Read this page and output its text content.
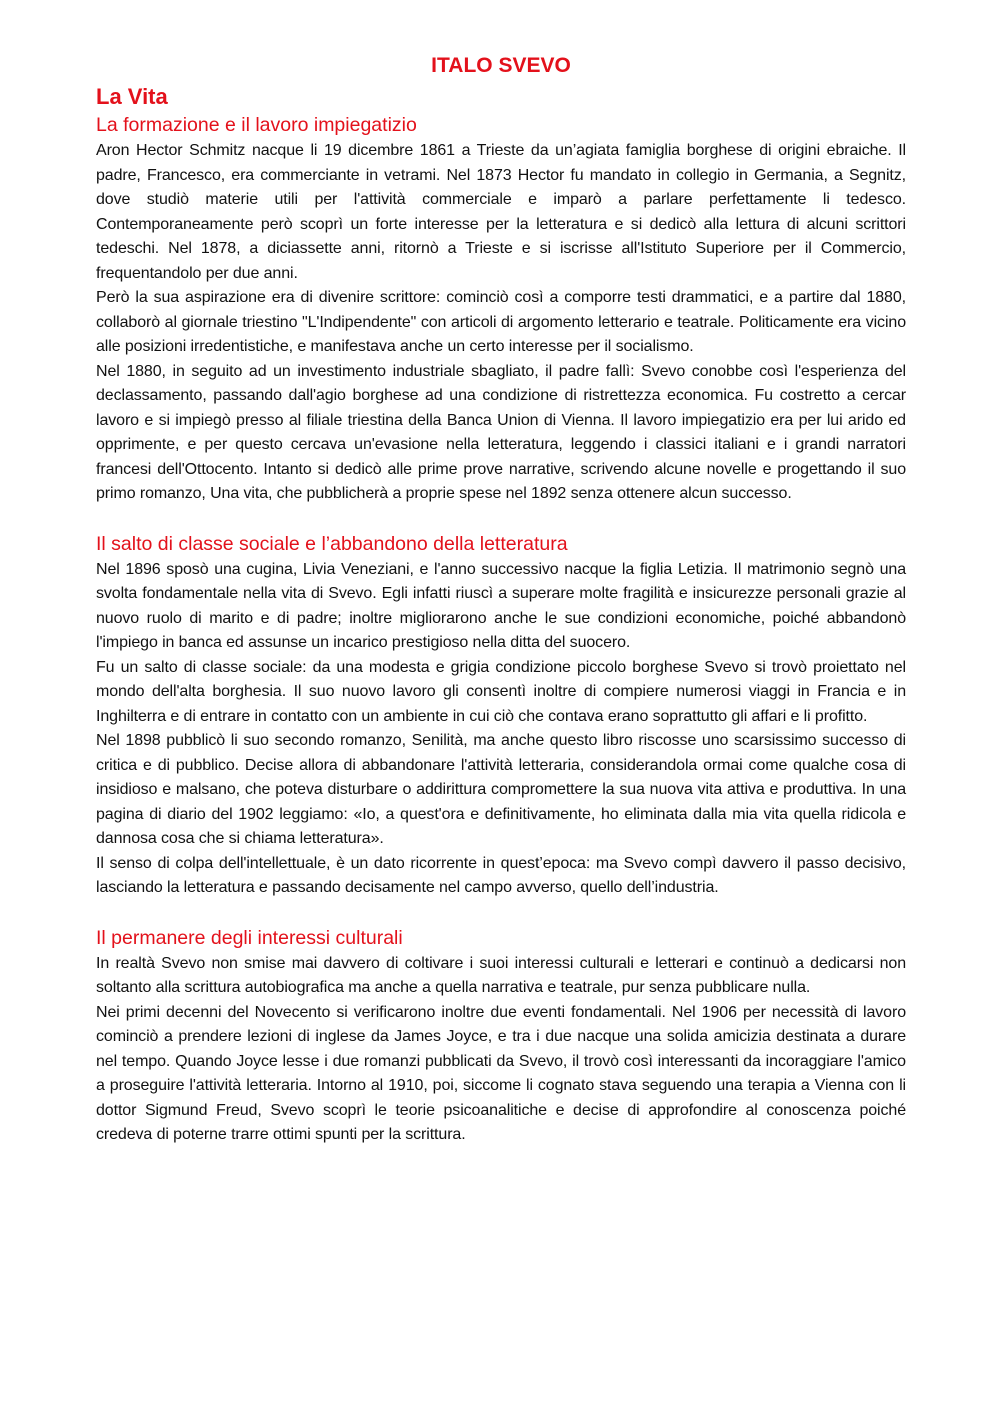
ITALO SVEVO
La Vita
La formazione e il lavoro impiegatizio

Aron Hector Schmitz nacque li 19 dicembre 1861 a Trieste da un’agiata famiglia borghese di origini ebraiche. Il padre, Francesco, era commerciante in vetrami. Nel 1873 Hector fu mandato in collegio in Germania, a Segnitz, dove studiò materie utili per l'attività commerciale e imparò a parlare perfettamente li tedesco. Contemporaneamente però scoprì un forte interesse per la letteratura e si dedicò alla lettura di alcuni scrittori tedeschi. Nel 1878, a diciassette anni, ritornò a Trieste e si iscrisse all'Istituto Superiore per il Commercio, frequentandolo per due anni.

Però la sua aspirazione era di divenire scrittore: cominciò così a comporre testi drammatici, e a partire dal 1880, collaborò al giornale triestino "L'Indipendente" con articoli di argomento letterario e teatrale. Politicamente era vicino alle posizioni irredentistiche, e manifestava anche un certo interesse per il socialismo.

Nel 1880, in seguito ad un investimento industriale sbagliato, il padre fallì: Svevo conobbe così l'esperienza del declassamento, passando dall'agio borghese ad una condizione di ristrettezza economica. Fu costretto a cercar lavoro e si impiegò presso al filiale triestina della Banca Union di Vienna. Il lavoro impiegatizio era per lui arido ed opprimente, e per questo cercava un'evasione nella letteratura, leggendo i classici italiani e i grandi narratori francesi dell'Ottocento. Intanto si dedicò alle prime prove narrative, scrivendo alcune novelle e progettando il suo primo romanzo, Una vita, che pubblicherà a proprie spese nel 1892 senza ottenere alcun successo.

Il salto di classe sociale e l’abbandono della letteratura

Nel 1896 sposò una cugina, Livia Veneziani, e l'anno successivo nacque la figlia Letizia. Il matrimonio segnò una svolta fondamentale nella vita di Svevo. Egli infatti riuscì a superare molte fragilità e insicurezze personali grazie al nuovo ruolo di marito e di padre; inoltre migliorarono anche le sue condizioni economiche, poiché abbandonò l'impiego in banca ed assunse un incarico prestigioso nella ditta del suocero.

Fu un salto di classe sociale: da una modesta e grigia condizione piccolo borghese Svevo si trovò proiettato nel mondo dell'alta borghesia. Il suo nuovo lavoro gli consentì inoltre di compiere numerosi viaggi in Francia e in Inghilterra e di entrare in contatto con un ambiente in cui ciò che contava erano soprattutto gli affari e li profitto.

Nel 1898 pubblicò li suo secondo romanzo, Senilità, ma anche questo libro riscosse uno scarsissimo successo di critica e di pubblico. Decise allora di abbandonare l'attività letteraria, considerandola ormai come qualche cosa di insidioso e malsano, che poteva disturbare o addirittura compromettere la sua nuova vita attiva e produttiva. In una pagina di diario del 1902 leggiamo: «Io, a quest'ora e definitivamente, ho eliminata dalla mia vita quella ridicola e dannosa cosa che si chiama letteratura».

Il senso di colpa dell'intellettuale, è un dato ricorrente in quest’epoca: ma Svevo compì davvero il passo decisivo, lasciando la letteratura e passando decisamente nel campo avverso, quello dell’industria.

Il permanere degli interessi culturali

In realtà Svevo non smise mai davvero di coltivare i suoi interessi culturali e letterari e continuò a dedicarsi non soltanto alla scrittura autobiografica ma anche a quella narrativa e teatrale, pur senza pubblicare nulla.

Nei primi decenni del Novecento si verificarono inoltre due eventi fondamentali. Nel 1906 per necessità di lavoro cominciò a prendere lezioni di inglese da James Joyce, e tra i due nacque una solida amicizia destinata a durare nel tempo. Quando Joyce lesse i due romanzi pubblicati da Svevo, il trovò così interessanti da incoraggiare l'amico a proseguire l'attività letteraria. Intorno al 1910, poi, siccome li cognato stava seguendo una terapia a Vienna con li dottor Sigmund Freud, Svevo scoprì le teorie psicoanalitiche e decise di approfondire al conoscenza poiché credeva di poterne trarre ottimi spunti per la scrittura.
